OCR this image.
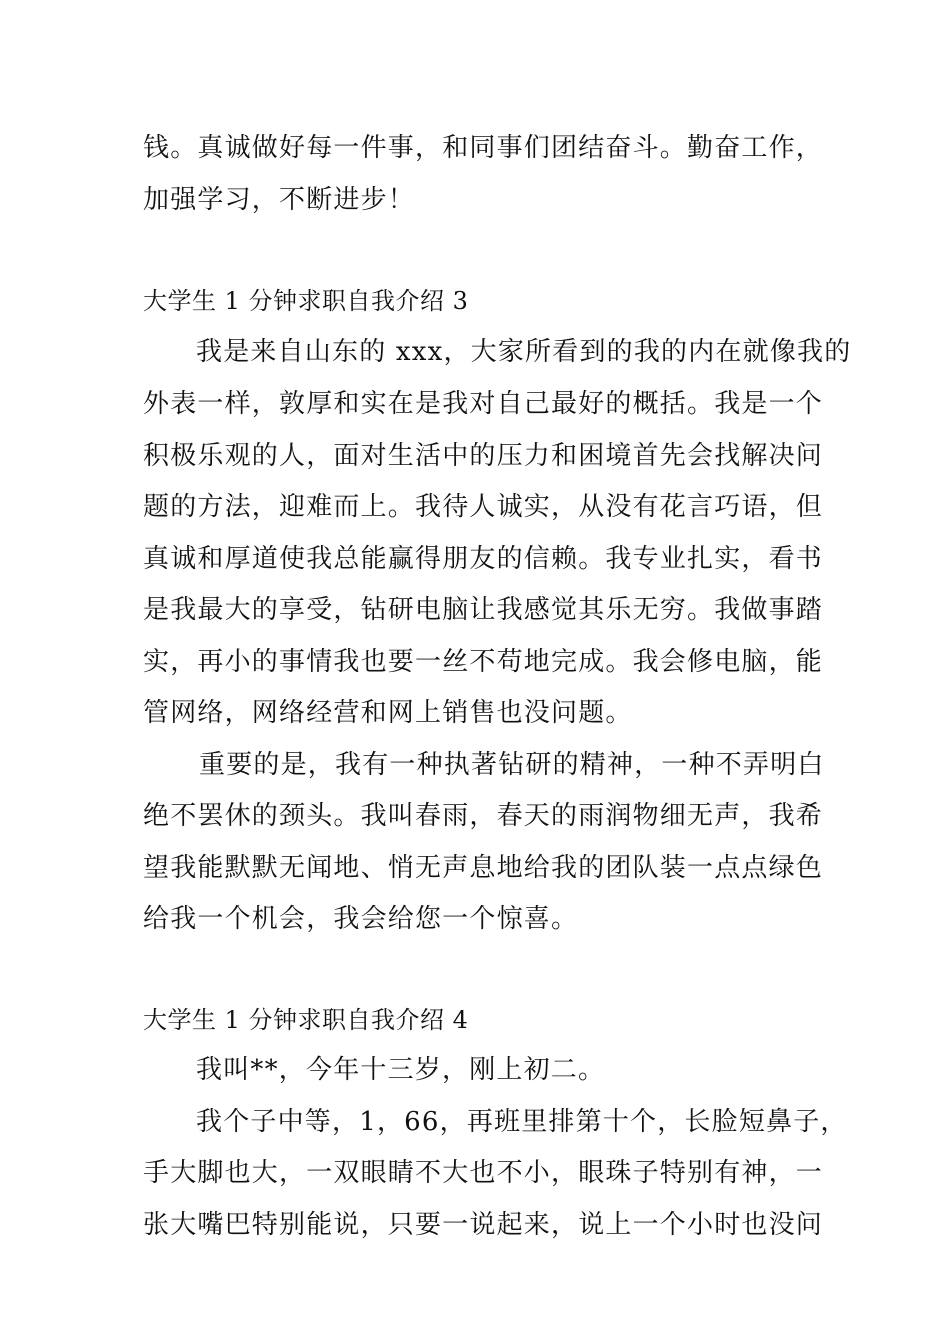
钱。真诚做好每一件事，和同事们团结奋斗。勤奋工作，
加强学习，不断进步！
大学生 1 分钟求职自我介绍 3
我是来自山东的 xxx，大家所看到的我的内在就像我的
外表一样，敦厚和实在是我对自己最好的概括。我是一个
积极乐观的人，面对生活中的压力和困境首先会找解决问
题的方法，迎难而上。我待人诚实，从没有花言巧语，但
真诚和厚道使我总能赢得朋友的信赖。我专业扎实，看书
是我最大的享受，钻研电脑让我感觉其乐无穷。我做事踏
实，再小的事情我也要一丝不苟地完成。我会修电脑，能
管网络，网络经营和网上销售也没问题。
重要的是，我有一种执著钻研的精神，一种不弄明白
绝不罢休的颈头。我叫春雨，春天的雨润物细无声，我希
望我能默默无闻地、悄无声息地给我的团队装一点点绿色
给我一个机会，我会给您一个惊喜。
大学生 1 分钟求职自我介绍 4
我叫**，今年十三岁，刚上初二。
我个子中等，1，66，再班里排第十个，长脸短鼻子，
手大脚也大，一双眼睛不大也不小，眼珠子特别有神，一
张大嘴巴特别能说，只要一说起来，说上一个小时也没问
